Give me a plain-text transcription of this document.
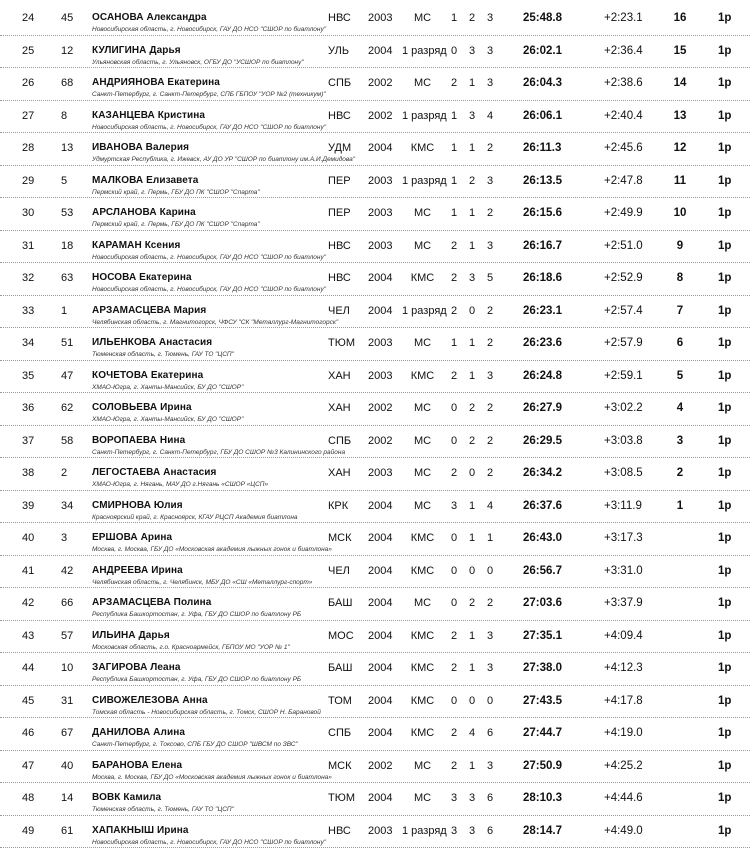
24 45 ОСАНОВА Александра	НВС 2003	МС	1 2 3	25:48.8	+2:23.1	16	1р
Новосибирская область, г. Новосибирск, ГАУ ДО НСО "СШОР по биатлону"
25 12 КУЛИГИНА Дарья	УЛЬ 2004 1 разряд 0 3 3	26:02.1	+2:36.4	15	1р
Ульяновская область, г. Ульяновск, ОГБУ ДО "УСШОР по биатлону"
26 68 АНДРИЯНОВА Екатерина	СПБ 2002	МС	2 1 3	26:04.3	+2:38.6	14	1р
Санкт-Петербург, г. Санкт-Петербург, СПБ ГБПОУ "УОР №2 (техникум)"
27 8 КАЗАНЦЕВА Кристина	НВС 2002 1 разряд 1 3 4	26:06.1	+2:40.4	13	1р
Новосибирская область, г. Новосибирск, ГАУ ДО НСО "СШОР по биатлону"
28 13 ИВАНОВА Валерия	УДМ 2004	КМС	1 1 2	26:11.3	+2:45.6	12	1р
Удмуртская Республика, г. Ижевск, АУ ДО УР "СШОР по биатлону им.А.И.Демидова"
29 5 МАЛКОВА Елизавета	ПЕР 2003 1 разряд 1 2 3	26:13.5	+2:47.8	11	1р
Пермский край, г. Пермь, ГБУ ДО ПК "СШОР "Спарта"
30 53 АРСЛАНОВА Карина	ПЕР 2003	МС	1 1 2	26:15.6	+2:49.9	10	1р
Пермский край, г. Пермь, ГБУ ДО ПК "СШОР "Спарта"
31 18 КАРАМАН Ксения	НВС 2003	МС	2 1 3	26:16.7	+2:51.0	9	1р
Новосибирская область, г. Новосибирск, ГАУ ДО НСО "СШОР по биатлону"
32 63 НОСОВА Екатерина	НВС 2004	КМС	2 3 5	26:18.6	+2:52.9	8	1р
Новосибирская область, г. Новосибирск, ГАУ ДО НСО "СШОР по биатлону"
33 1 АРЗАМАСЦЕВА Мария	ЧЕЛ 2004 1 разряд 2 0 2	26:23.1	+2:57.4	7	1р
Челябинская область, г. Магнитогорск, ЧФСУ "СК "Металлург-Магнитогорск"
34 51 ИЛЬЕНКОВА Анастасия	ТЮМ 2003	МС	1 1 2	26:23.6	+2:57.9	6	1р
Тюменская область, г. Тюмень, ГАУ ТО "ЦСП"
35 47 КОЧЕТОВА Екатерина	ХАН 2003	КМС	2 1 3	26:24.8	+2:59.1	5	1р
ХМАО-Югра, г. Ханты-Мансийск, БУ ДО "СШОР"
36 62 СОЛОВЬЕВА Ирина	ХАН 2002	МС	0 2 2	26:27.9	+3:02.2	4	1р
ХМАО-Югра, г. Ханты-Мансийск, БУ ДО "СШОР"
37 58 ВОРОПАЕВА Нина	СПБ 2002	МС	0 2 2	26:29.5	+3:03.8	3	1р
Санкт-Петербург, г. Санкт-Петербург, ГБУ ДО СШОР №3 Калининского района
38 2 ЛЕГОСТАЕВА Анастасия	ХАН 2003	МС	2 0 2	26:34.2	+3:08.5	2	1р
ХМАО-Югра, г. Нягань, МАУ ДО г.Нягань «СШОР «ЦСП»
39 34 СМИРНОВА Юлия	КРК 2004	МС	3 1 4	26:37.6	+3:11.9	1	1р
Красноярский край, г. Красноярск, КГАУ РЦСП Академия биатлона
40 3 ЕРШОВА Арина	МСК 2004	КМС	0 1 1	26:43.0	+3:17.3	1р
Москва, г. Москва, ГБУ ДО «Московская академия лыжных гонок и биатлона»
41 42 АНДРЕЕВА Ирина	ЧЕЛ 2004	КМС	0 0 0	26:56.7	+3:31.0	1р
Челябинская область, г. Челябинск, МБУ ДО «СШ «Металлург-спорт»
42 66 АРЗАМАСЦЕВА Полина	БАШ 2004	МС	0 2 2	27:03.6	+3:37.9	1р
Республика Башкортостан, г. Уфа, ГБУ ДО СШОР по биатлону РБ
43 57 ИЛЬИНА Дарья	МОС 2004	КМС	2 1 3	27:35.1	+4:09.4	1р
Московская область, г.о. Красноармейск, ГБПОУ МО "УОР № 1"
44 10 ЗАГИРОВА Леана	БАШ 2004	КМС	2 1 3	27:38.0	+4:12.3	1р
Республика Башкортостан, г. Уфа, ГБУ ДО СШОР по биатлону РБ
45 31 СИВОЖЕЛЕЗОВА Анна	ТОМ 2004	КМС	0 0 0	27:43.5	+4:17.8	1р
Томская область - Новосибирская область, г. Томск, СШОР Н. Барановой
46 67 ДАНИЛОВА Алина	СПБ 2004	КМС	2 4 6	27:44.7	+4:19.0	1р
Санкт-Петербург, г. Токсово, СПБ ГБУ ДО СШОР "ШВСМ по ЗВС"
47 40 БАРАНОВА Елена	МСК 2002	МС	2 1 3	27:50.9	+4:25.2	1р
Москва, г. Москва, ГБУ ДО «Московская академия лыжных гонок и биатлона»
48 14 ВОВК Камила	ТЮМ 2004	МС	3 3 6	28:10.3	+4:44.6	1р
Тюменская область, г. Тюмень, ГАУ ТО "ЦСП"
49 61 ХАПАКНЫШ Ирина	НВС 2003 1 разряд 3 3 6	28:14.7	+4:49.0	1р
Новосибирская область, г. Новосибирск, ГАУ ДО НСО "СШОР по биатлону"
